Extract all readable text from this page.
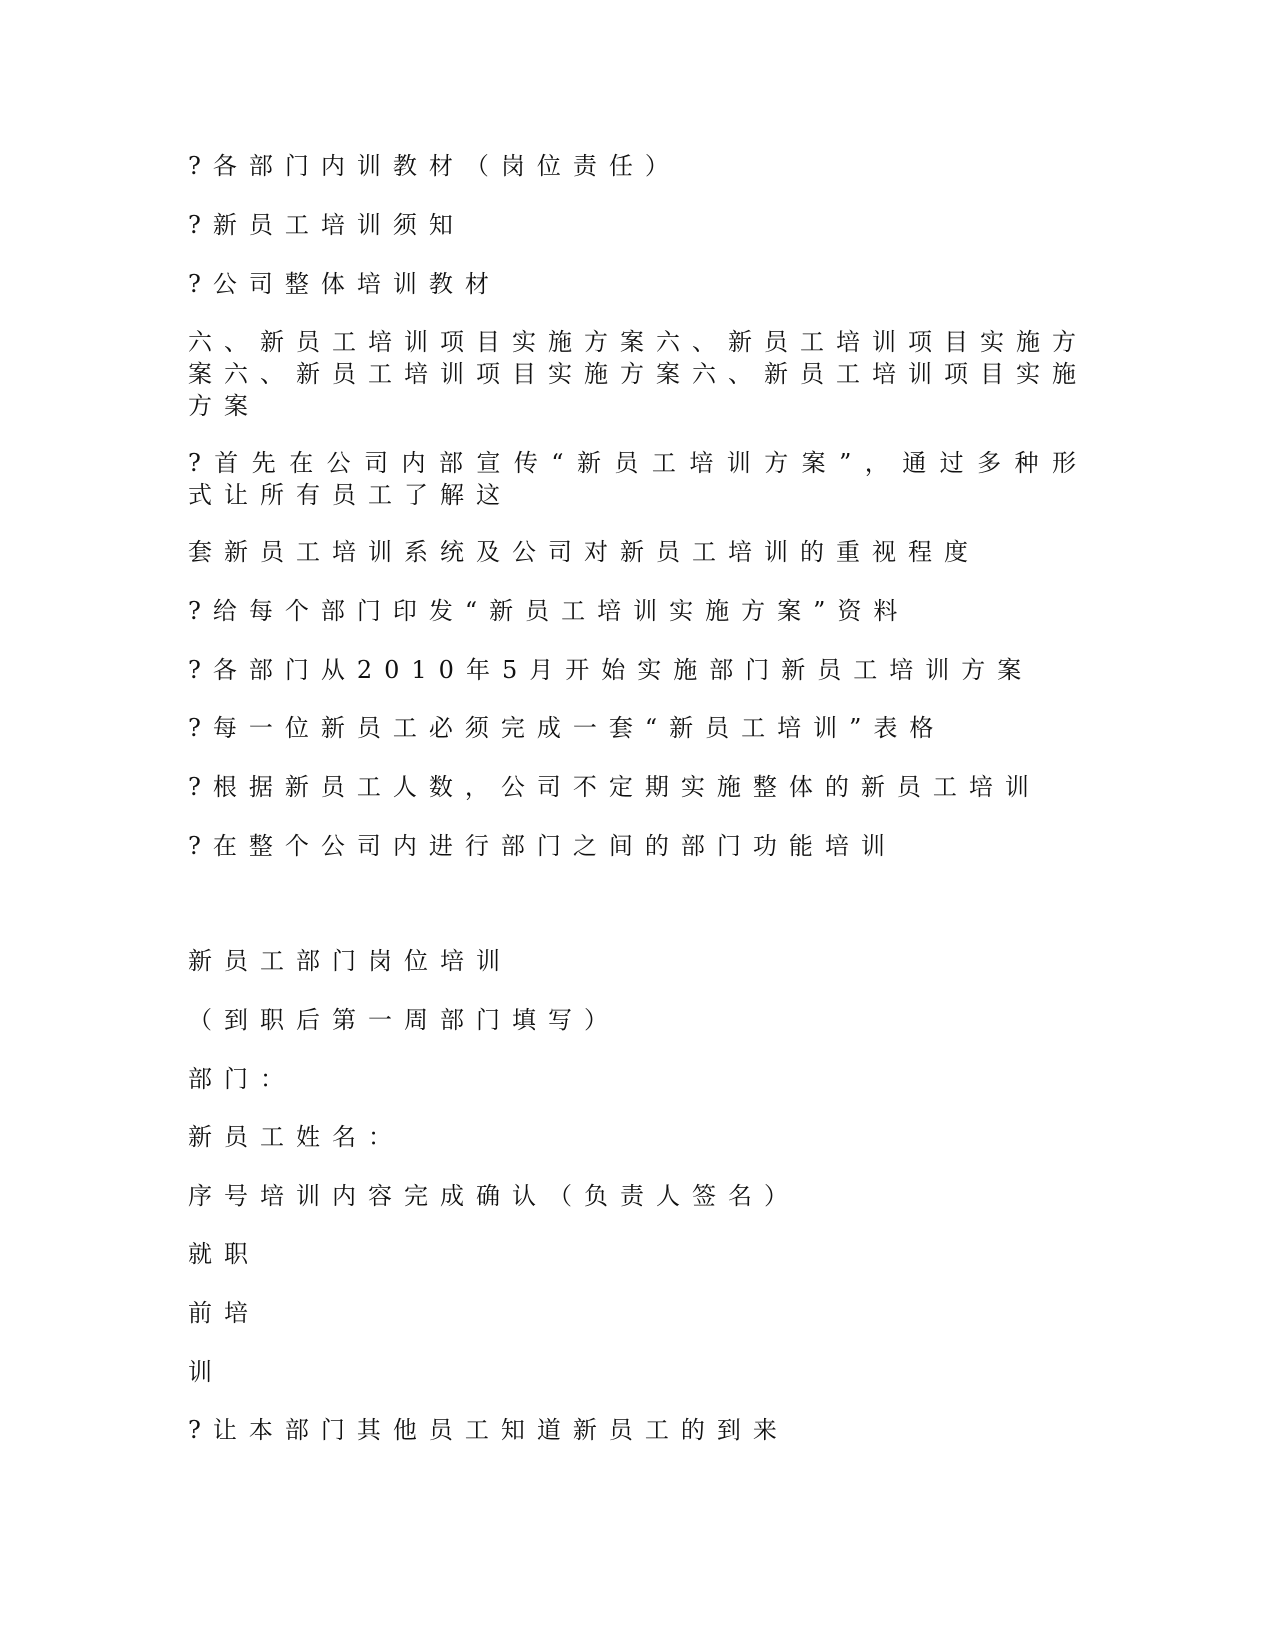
?各部门内训教材（岗位责任）

?新员工培训须知

?公司整体培训教材

六、新员工培训项目实施方案六、新员工培训项目实施方案六、新员工培训项目实施方案六、新员工培训项目实施方案

?首先在公司内部宣传“新员工培训方案”，通过多种形式让所有员工了解这

套新员工培训系统及公司对新员工培训的重视程度

?给每个部门印发“新员工培训实施方案”资料

?各部门从2010年5月开始实施部门新员工培训方案

?每一位新员工必须完成一套“新员工培训”表格

?根据新员工人数，公司不定期实施整体的新员工培训

?在整个公司内进行部门之间的部门功能培训

新员工部门岗位培训

（到职后第一周部门填写）

部门：

新员工姓名：

序号培训内容完成确认（负责人签名）

就职

前培

训

?让本部门其他员工知道新员工的到来
